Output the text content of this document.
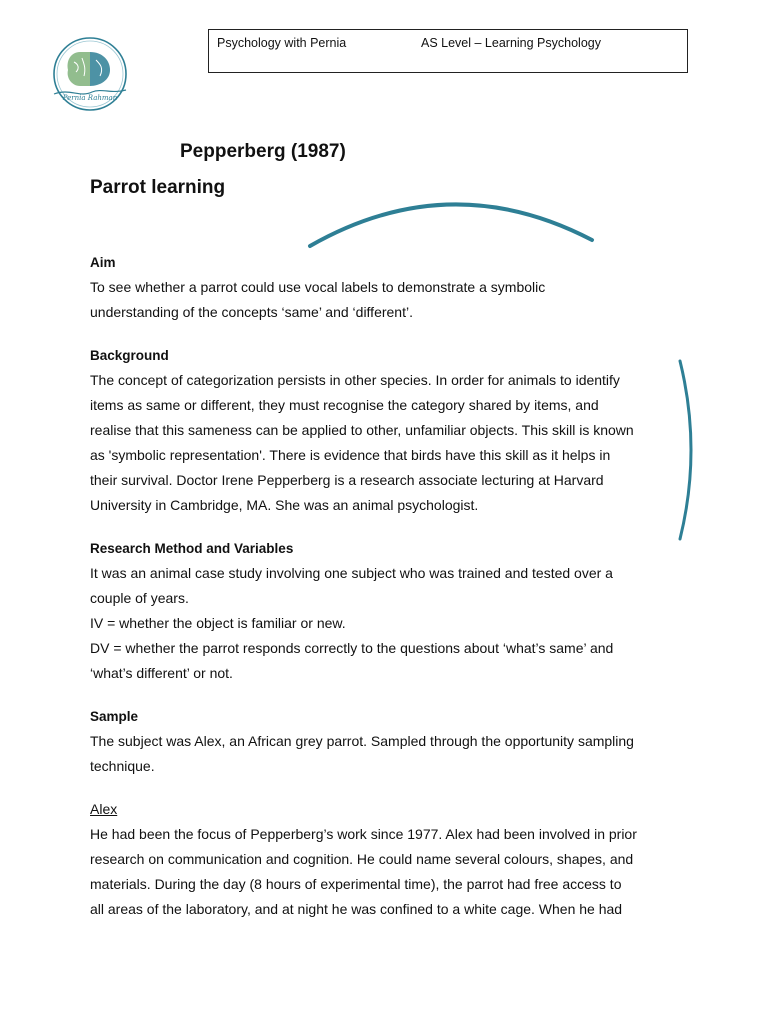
Pernia Rahman
Psychology with Pernia	AS Level – Learning Psychology
Pepperberg (1987)
Parrot learning
Aim

To see whether a parrot could use vocal labels to demonstrate a symbolic

understanding of the concepts ‘same’ and ‘different’.

Background

The concept of categorization persists in other species. In order for animals to identify

items as same or different, they must recognise the category shared by items, and

realise that this sameness can be applied to other, unfamiliar objects. This skill is known

as 'symbolic representation'. There is evidence that birds have this skill as it helps in

their survival. Doctor Irene Pepperberg is a research associate lecturing at Harvard

University in Cambridge, MA. She was an animal psychologist.

Research Method and Variables

It was an animal case study involving one subject who was trained and tested over a

couple of years.

IV = whether the object is familiar or new.

DV = whether the parrot responds correctly to the questions about ‘what’s same’ and

‘what’s different’ or not.

Sample

The subject was Alex, an African grey parrot. Sampled through the opportunity sampling

technique.

Alex

He had been the focus of Pepperberg’s work since 1977. Alex had been involved in prior

research on communication and cognition. He could name several colours, shapes, and

materials. During the day (8 hours of experimental time), the parrot had free access to

all areas of the laboratory, and at night he was confined to a white cage. When he had
